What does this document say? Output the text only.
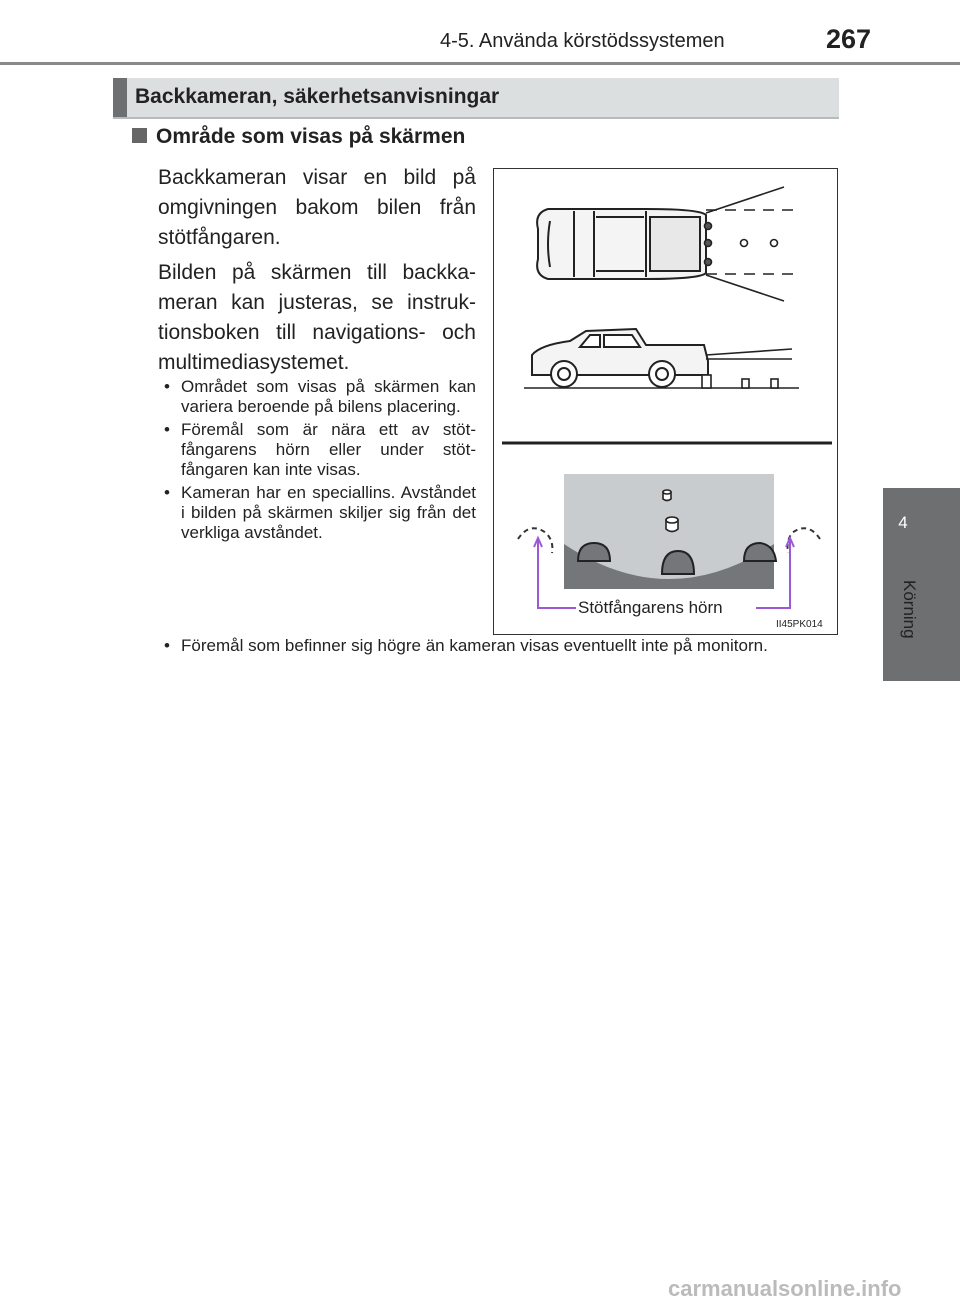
4-5. Använda körstödssystemen	267
4
Körning
Backkameran, säkerhetsanvisningar
Område som visas på skärmen
Backkameran visar en bild på omgivningen bakom bilen från stötfångaren.
Bilden på skärmen till backka-meran kan justeras, se instruk-tionsboken till navigations- och multimediasystemet.
• Området som visas på skärmen kan variera beroende på bilens placering.
• Föremål som är nära ett av stöt-fångarens hörn eller under stöt-fångaren kan inte visas.
• Kameran har en speciallins. Avståndet i bilden på skärmen skiljer sig från det verkliga avståndet.
• Föremål som befinner sig högre än kameran visas eventuellt inte på monitorn.
Stötfångarens hörn
II45PK014
carmanualsonline.info
